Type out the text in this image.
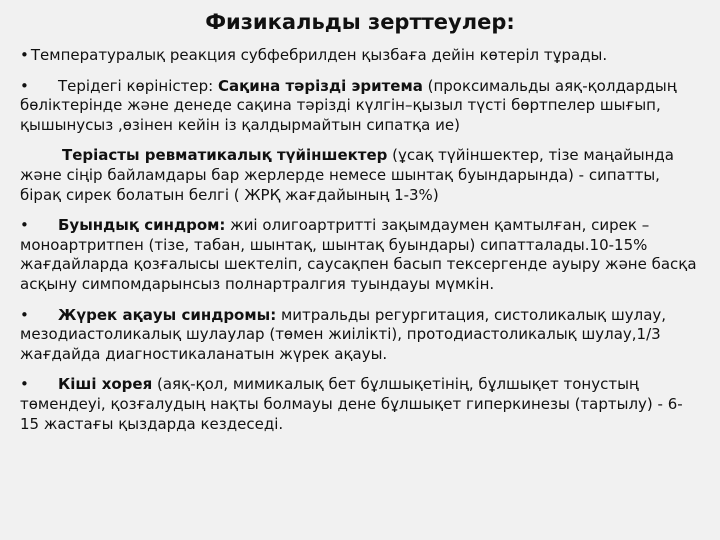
Физикальды зерттеулер:
• Температуралық реакция субфебрилден қызбаға дейін көтеріл тұрады.
• Терідегі көріністер: Сақина тәрізді эритема (проксимальды аяқ-қолдардың бөліктерінде және денеде сақина тәрізді күлгін–қызыл түсті бөртпелер шығып, қышынусыз ,өзінен кейін із қалдырмайтын сипатқа ие)
Теріасты ревматикалық түйіншектер (ұсақ түйіншектер, тізе маңайында және сіңір байламдары бар жерлерде немесе шынтақ буындарында) - сипатты, бірақ сирек болатын белгі ( ЖРҚ жағдайының 1-3%)
• Буындық синдром: жиі олигоартритті зақымдаумен қамтылған, сирек – моноартритпен (тізе, табан, шынтақ, шынтақ буындары) сипатталады.10-15% жағдайларда қозғалысы шектеліп, саусақпен басып тексергенде ауыру және басқа асқыну симпомдарынсыз полнартралгия туындауы мүмкін.
• Жүрек ақауы синдромы: митральды регургитация, систоликалық шулау, мезодиастоликалық шулаулар (төмен жиілікті), протодиастоликалық шулау,1/3 жағдайда диагностикаланатын жүрек ақауы.
• Кіші хорея (аяқ-қол, мимикалық бет бұлшықетінің, бұлшықет тонустың төмендеуі, қозғалудың нақты болмауы дене бұлшықет гиперкинезы (тартылу) - 6-15 жастағы қыздарда кездеседі.
